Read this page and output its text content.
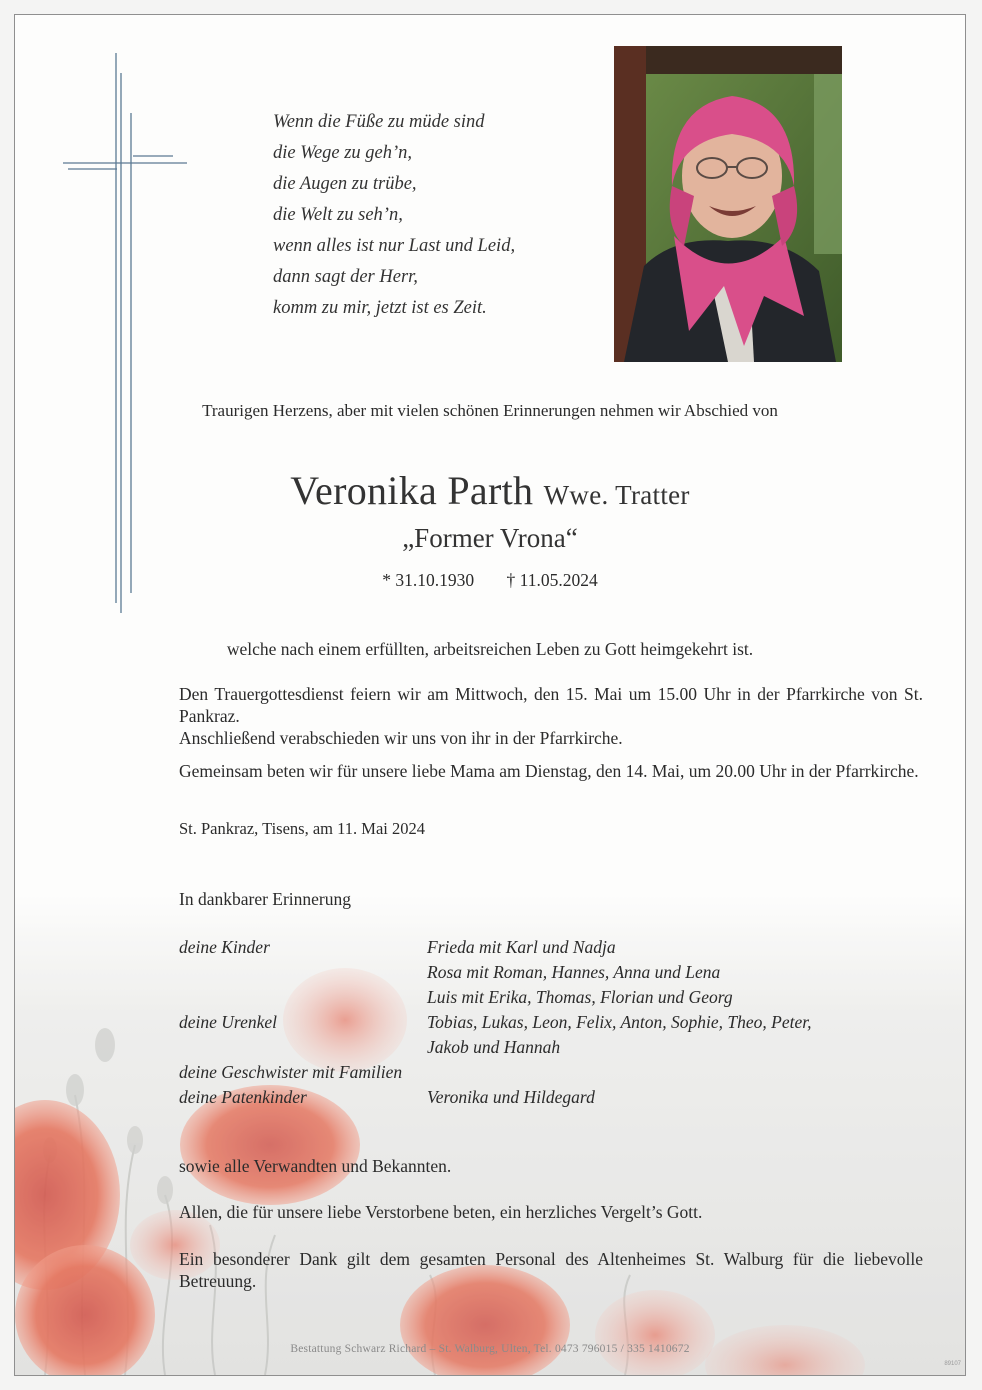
Wenn die Füße zu müde sind
die Wege zu geh’n,
die Augen zu trübe,
die Welt zu seh’n,
wenn alles ist nur Last und Leid,
dann sagt der Herr,
komm zu mir, jetzt ist es Zeit.
Traurigen Herzens, aber mit vielen schönen Erinnerungen nehmen wir Abschied von
Veronika Parth Wwe. Tratter
„Former Vrona“
* 31.10.1930 † 11.05.2024
welche nach einem erfüllten, arbeitsreichen Leben zu Gott heimgekehrt ist.
Den Trauergottesdienst feiern wir am Mittwoch, den 15. Mai um 15.00 Uhr in der Pfarrkirche von St. Pankraz.
Anschließend verabschieden wir uns von ihr in der Pfarrkirche.
Gemeinsam beten wir für unsere liebe Mama am Dienstag, den 14. Mai, um 20.00 Uhr in der Pfarrkirche.
St. Pankraz, Tisens, am 11. Mai 2024
In dankbarer Erinnerung
deine Kinder	Frieda mit Karl und Nadja
Rosa mit Roman, Hannes, Anna und Lena
Luis mit Erika, Thomas, Florian und Georg
deine Urenkel	Tobias, Lukas, Leon, Felix, Anton, Sophie, Theo, Peter,
Jakob und Hannah
deine Geschwister mit Familien
deine Patenkinder	Veronika und Hildegard
sowie alle Verwandten und Bekannten.
Allen, die für unsere liebe Verstorbene beten, ein herzliches Vergelt’s Gott.
Ein besonderer Dank gilt dem gesamten Personal des Altenheimes St. Walburg für die liebevolle Betreuung.
Bestattung Schwarz Richard – St. Walburg, Ulten, Tel. 0473 796015 / 335 1410672
89107
